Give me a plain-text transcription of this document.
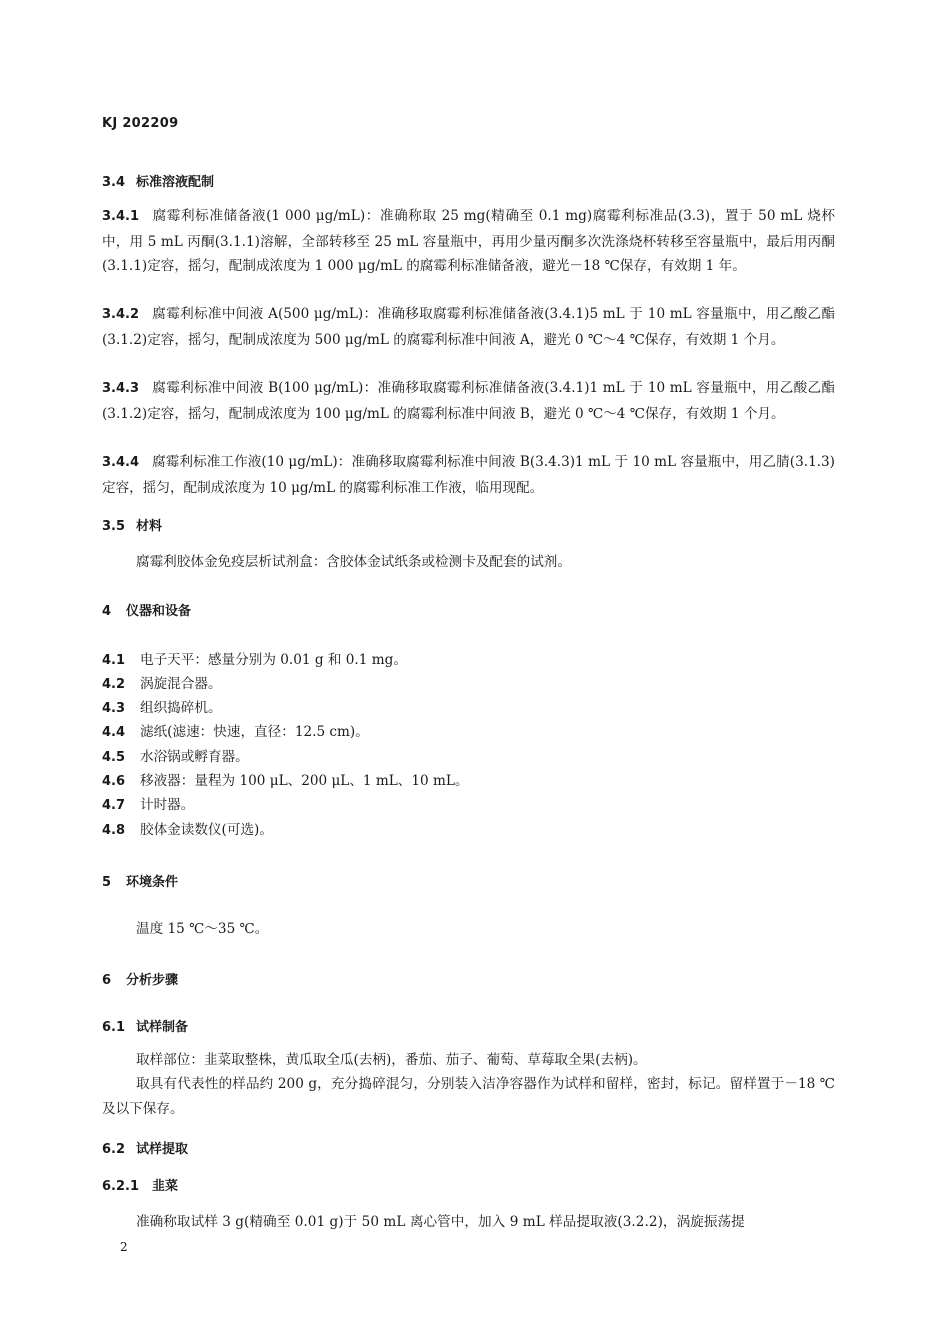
KJ 202209
3.4 标准溶液配制
3.4.1 腐霉利标准储备液(1 000 μg/mL)：准确称取 25 mg(精确至 0.1 mg)腐霉利标准品(3.3)，置于 50 mL 烧杯中，用 5 mL 丙酮(3.1.1)溶解，全部转移至 25 mL 容量瓶中，再用少量丙酮多次洗涤烧杯转移至容量瓶中，最后用丙酮(3.1.1)定容，摇匀，配制成浓度为 1 000 μg/mL 的腐霉利标准储备液，避光－18 ℃保存，有效期 1 年。
3.4.2 腐霉利标准中间液 A(500 μg/mL)：准确移取腐霉利标准储备液(3.4.1)5 mL 于 10 mL 容量瓶中，用乙酸乙酯(3.1.2)定容，摇匀，配制成浓度为 500 μg/mL 的腐霉利标准中间液 A，避光 0 ℃～4 ℃保存，有效期 1 个月。
3.4.3 腐霉利标准中间液 B(100 μg/mL)：准确移取腐霉利标准储备液(3.4.1)1 mL 于 10 mL 容量瓶中，用乙酸乙酯(3.1.2)定容，摇匀，配制成浓度为 100 μg/mL 的腐霉利标准中间液 B，避光 0 ℃～4 ℃保存，有效期 1 个月。
3.4.4 腐霉利标准工作液(10 μg/mL)：准确移取腐霉利标准中间液 B(3.4.3)1 mL 于 10 mL 容量瓶中，用乙腈(3.1.3)定容，摇匀，配制成浓度为 10 μg/mL 的腐霉利标准工作液，临用现配。
3.5 材料
腐霉利胶体金免疫层析试剂盒：含胶体金试纸条或检测卡及配套的试剂。
4 仪器和设备
4.1 电子天平：感量分别为 0.01 g 和 0.1 mg。
4.2 涡旋混合器。
4.3 组织捣碎机。
4.4 滤纸(滤速：快速，直径：12.5 cm)。
4.5 水浴锅或孵育器。
4.6 移液器：量程为 100 μL、200 μL、1 mL、10 mL。
4.7 计时器。
4.8 胶体金读数仪(可选)。
5 环境条件
温度 15 ℃～35 ℃。
6 分析步骤
6.1 试样制备
取样部位：韭菜取整株，黄瓜取全瓜(去柄)，番茄、茄子、葡萄、草莓取全果(去柄)。
取具有代表性的样品约 200 g，充分捣碎混匀，分别装入洁净容器作为试样和留样，密封，标记。留样置于－18 ℃及以下保存。
6.2 试样提取
6.2.1 韭菜
准确称取试样 3 g(精确至 0.01 g)于 50 mL 离心管中，加入 9 mL 样品提取液(3.2.2)，涡旋振荡提
2
